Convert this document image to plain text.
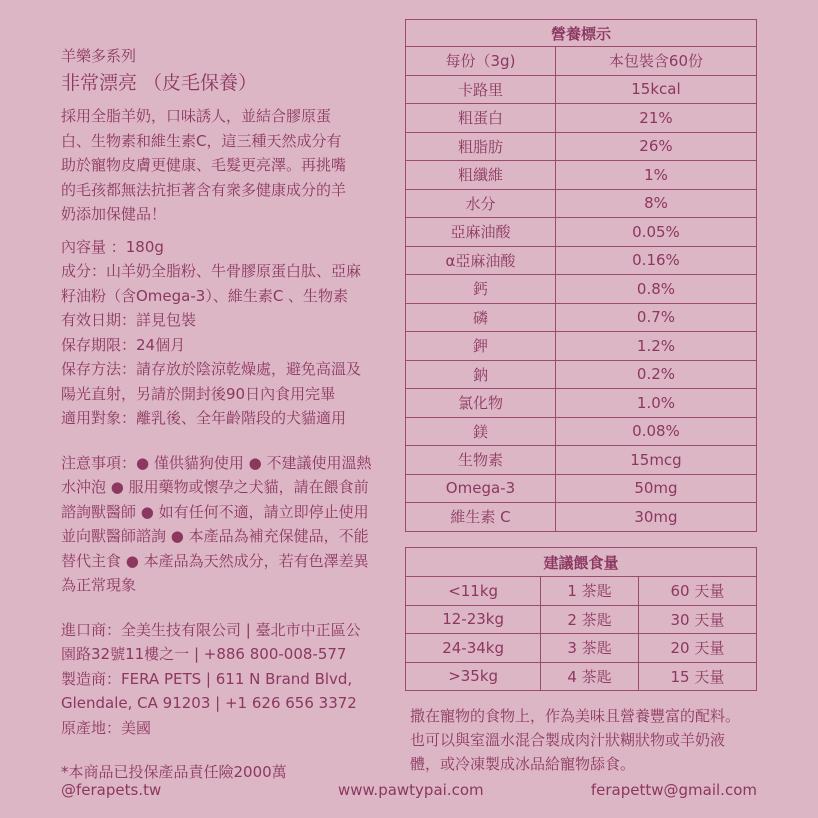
羊樂多系列
非常漂亮 （皮毛保養）
採用全脂羊奶，口味誘人，並結合膠原蛋
白、生物素和維生素C，這三種天然成分有
助於寵物皮膚更健康、毛髮更亮澤。再挑嘴
的毛孩都無法抗拒著含有衆多健康成分的羊
奶添加保健品！
內容量 ：180g
成分：山羊奶全脂粉、牛骨膠原蛋白肽、亞麻
籽油粉（含Omega-3）、維生素C 、生物素
有效日期：詳見包裝
保存期限：24個月
保存方法：請存放於陰涼乾燥處，避免高溫及
陽光直射，另請於開封後90日內食用完畢
適用對象：離乳後、全年齡階段的犬貓適用
注意事項：● 僅供貓狗使用 ● 不建議使用溫熱
水沖泡 ● 服用藥物或懷孕之犬貓，請在餵食前
諮詢獸醫師 ● 如有任何不適，請立即停止使用
並向獸醫師諮詢 ● 本產品為補充保健品，不能
替代主食 ● 本產品為天然成分，若有色澤差異
為正常現象
進口商：全美生技有限公司 | 臺北市中正區公
園路32號11樓之一 | +886 800-008-577
製造商：FERA PETS | 611 N Brand Blvd,
Glendale, CA 91203 | +1 626 656 3372
原產地：美國
*本商品已投保產品責任險2000萬
營養標示	
每份（3g)	本包裝含60份
卡路里	15kcal
粗蛋白	21%
粗脂肪	26%
粗纖維	1%
水分	8%
亞麻油酸	0.05%
α亞麻油酸	0.16%
鈣	0.8%
磷	0.7%
鉀	1.2%
鈉	0.2%
氯化物	1.0%
鎂	0.08%
生物素	15mcg
Omega-3	50mg
維生素 C	30mg
建議餵食量		
<11kg	1 茶匙	60 天量
12-23kg	2 茶匙	30 天量
24-34kg	3 茶匙	20 天量
>35kg	4 茶匙	15 天量
撒在寵物的食物上，作為美味且營養豐富的配料。
也可以與室溫水混合製成肉汁狀糊狀物或羊奶液
體，或冷凍製成冰品給寵物舔食。
@ferapets.tw	www.pawtypai.com	ferapettw@gmail.com
